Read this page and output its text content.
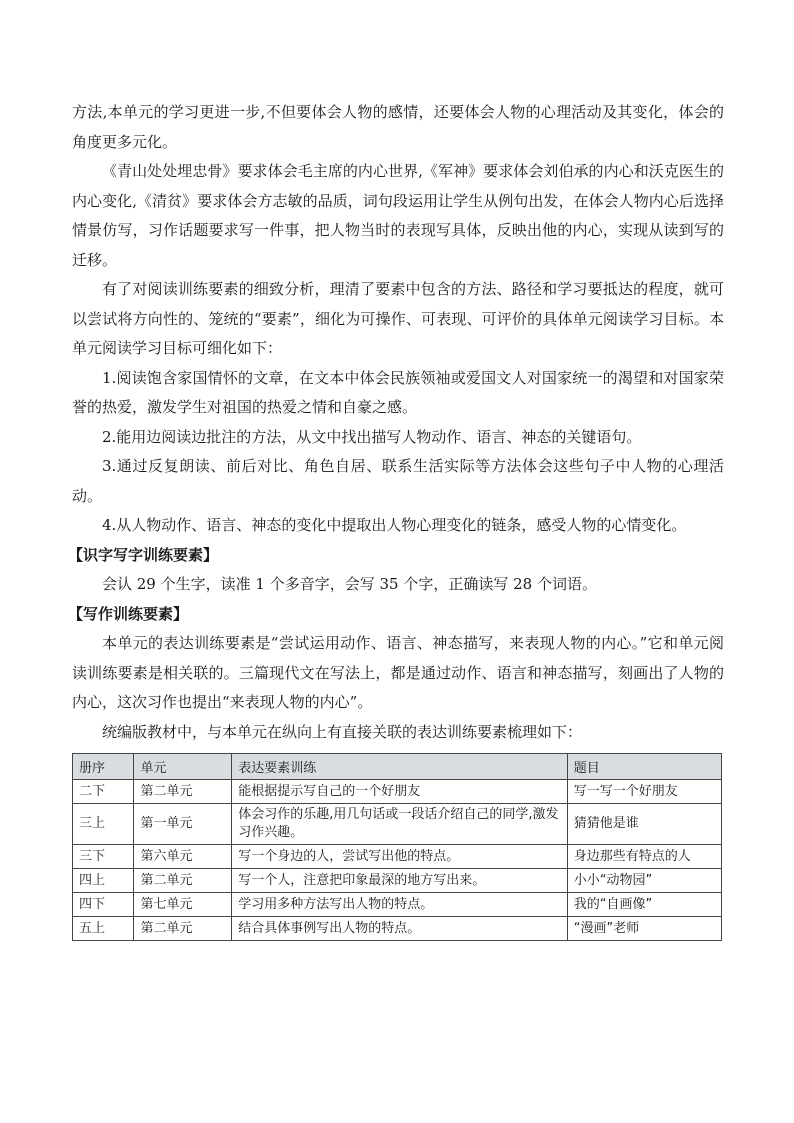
方法,本单元的学习更进一步,不但要体会人物的感情，还要体会人物的心理活动及其变化，体会的角度更多元化。

《青山处处埋忠骨》要求体会毛主席的内心世界,《军神》要求体会刘伯承的内心和沃克医生的内心变化,《清贫》要求体会方志敏的品质，词句段运用让学生从例句出发，在体会人物内心后选择情景仿写，习作话题要求写一件事，把人物当时的表现写具体，反映出他的内心，实现从读到写的迁移。

有了对阅读训练要素的细致分析，理清了要素中包含的方法、路径和学习要抵达的程度，就可以尝试将方向性的、笼统的“要素”，细化为可操作、可表现、可评价的具体单元阅读学习目标。本单元阅读学习目标可细化如下：

1.阅读饱含家国情怀的文章，在文本中体会民族领袖或爱国文人对国家统一的渴望和对国家荣誉的热爱，激发学生对祖国的热爱之情和自豪之感。

2.能用边阅读边批注的方法，从文中找出描写人物动作、语言、神态的关键语句。

3.通过反复朗读、前后对比、角色自居、联系生活实际等方法体会这些句子中人物的心理活动。

4.从人物动作、语言、神态的变化中提取出人物心理变化的链条，感受人物的心情变化。

【识字写字训练要素】

会认 29 个生字，读准 1 个多音字，会写 35 个字，正确读写 28 个词语。

【写作训练要素】

本单元的表达训练要素是“尝试运用动作、语言、神态描写，来表现人物的内心。”它和单元阅读训练要素是相关联的。三篇现代文在写法上，都是通过动作、语言和神态描写，刻画出了人物的内心，这次习作也提出“来表现人物的内心”。

统编版教材中，与本单元在纵向上有直接关联的表达训练要素梳理如下：

册序	单元	表达要素训练	题目
二下	第二单元	能根据提示写自己的一个好朋友	写一写一个好朋友
三上	第一单元	体会习作的乐趣,用几句话或一段话介绍自己的同学,激发习作兴趣。	猜猜他是谁
三下	第六单元	写一个身边的人，尝试写出他的特点。	身边那些有特点的人
四上	第二单元	写一个人，注意把印象最深的地方写出来。	小小“动物园”
四下	第七单元	学习用多种方法写出人物的特点。	我的“自画像”
五上	第二单元	结合具体事例写出人物的特点。	“漫画”老师
